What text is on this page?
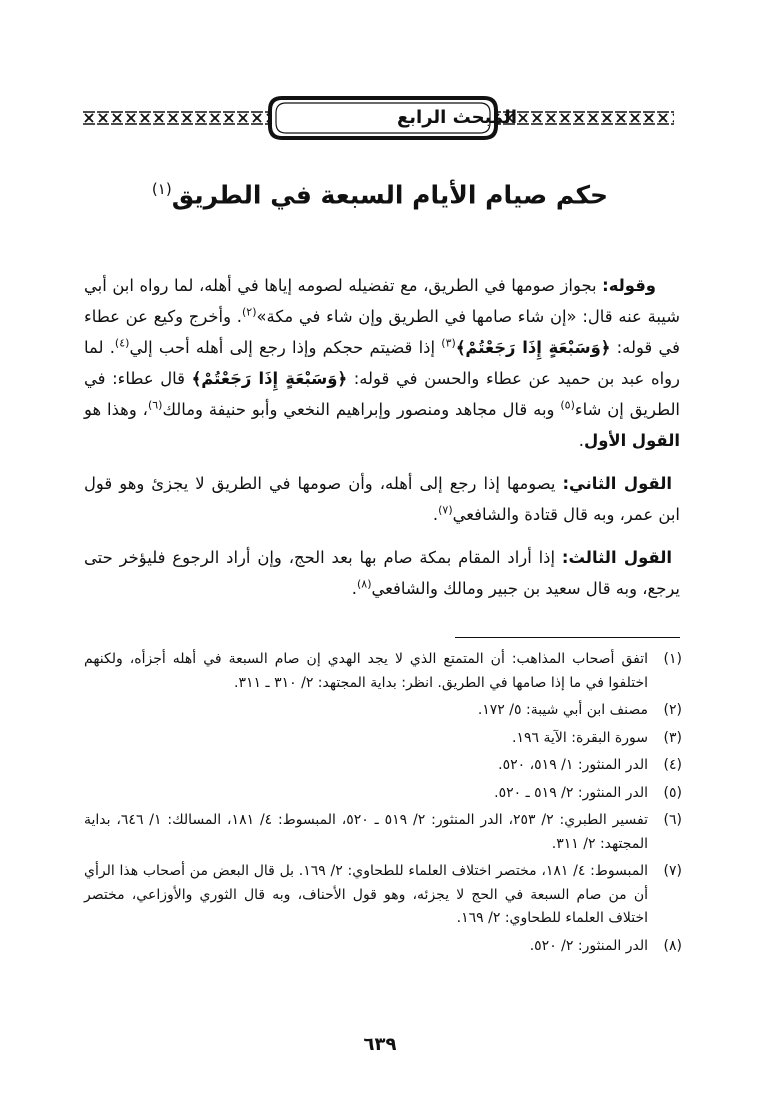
المبحث الرابع
حكم صيام الأيام السبعة في الطريق$^{(١)}$

وقوله: بجواز صومها في الطريق، مع تفضيله لصومه إياها في أهله، لما رواه ابن أبي شيبة عنه قال: «إن شاء صامها في الطريق وإن شاء في مكة»$^{(٢)}$. وأخرج وكيع عن عطاء في قوله: ﴿وَسَبْعَةٍ إِذَا رَجَعْتُمْ﴾$^{(٣)}$ إذا قضيتم حجكم وإذا رجع إلى أهله أحب إلي$^{(٤)}$. لما رواه عبد بن حميد عن عطاء والحسن في قوله: ﴿وَسَبْعَةٍ إِذَا رَجَعْتُمْ﴾ قال عطاء: في الطريق إن شاء$^{(٥)}$ وبه قال مجاهد ومنصور وإبراهيم النخعي وأبو حنيفة ومالك$^{(٦)}$، وهذا هو القول الأول.

القول الثاني: يصومها إذا رجع إلى أهله، وأن صومها في الطريق لا يجزئ وهو قول ابن عمر، وبه قال قتادة والشافعي$^{(٧)}$.

القول الثالث: إذا أراد المقام بمكة صام بها بعد الحج، وإن أراد الرجوع فليؤخر حتى يرجع، وبه قال سعيد بن جبير ومالك والشافعي$^{(٨)}$.

(١)
اتفق أصحاب المذاهب: أن المتمتع الذي لا يجد الهدي إن صام السبعة في أهله أجزأه، ولكنهم اختلفوا في ما إذا صامها في الطريق. انظر: بداية المجتهد: ٢/ ٣١٠ ـ ٣١١.
(٢)
مصنف ابن أبي شيبة: ٥/ ١٧٢.
(٣)
سورة البقرة: الآية ١٩٦.
(٤)
الدر المنثور: ١/ ٥١٩، ٥٢٠.
(٥)
الدر المنثور: ٢/ ٥١٩ ـ ٥٢٠.
(٦)
تفسير الطبري: ٢/ ٢٥٣، الدر المنثور: ٢/ ٥١٩ ـ ٥٢٠، المبسوط: ٤/ ١٨١، المسالك: ١/ ٦٤٦، بداية المجتهد: ٢/ ٣١١.
(٧)
المبسوط: ٤/ ١٨١، مختصر اختلاف العلماء للطحاوي: ٢/ ١٦٩. بل قال البعض من أصحاب هذا الرأي أن من صام السبعة في الحج لا يجزئه، وهو قول الأحناف، وبه قال الثوري والأوزاعي، مختصر اختلاف العلماء للطحاوي: ٢/ ١٦٩.
(٨)
الدر المنثور: ٢/ ٥٢٠.
٦٣٩
